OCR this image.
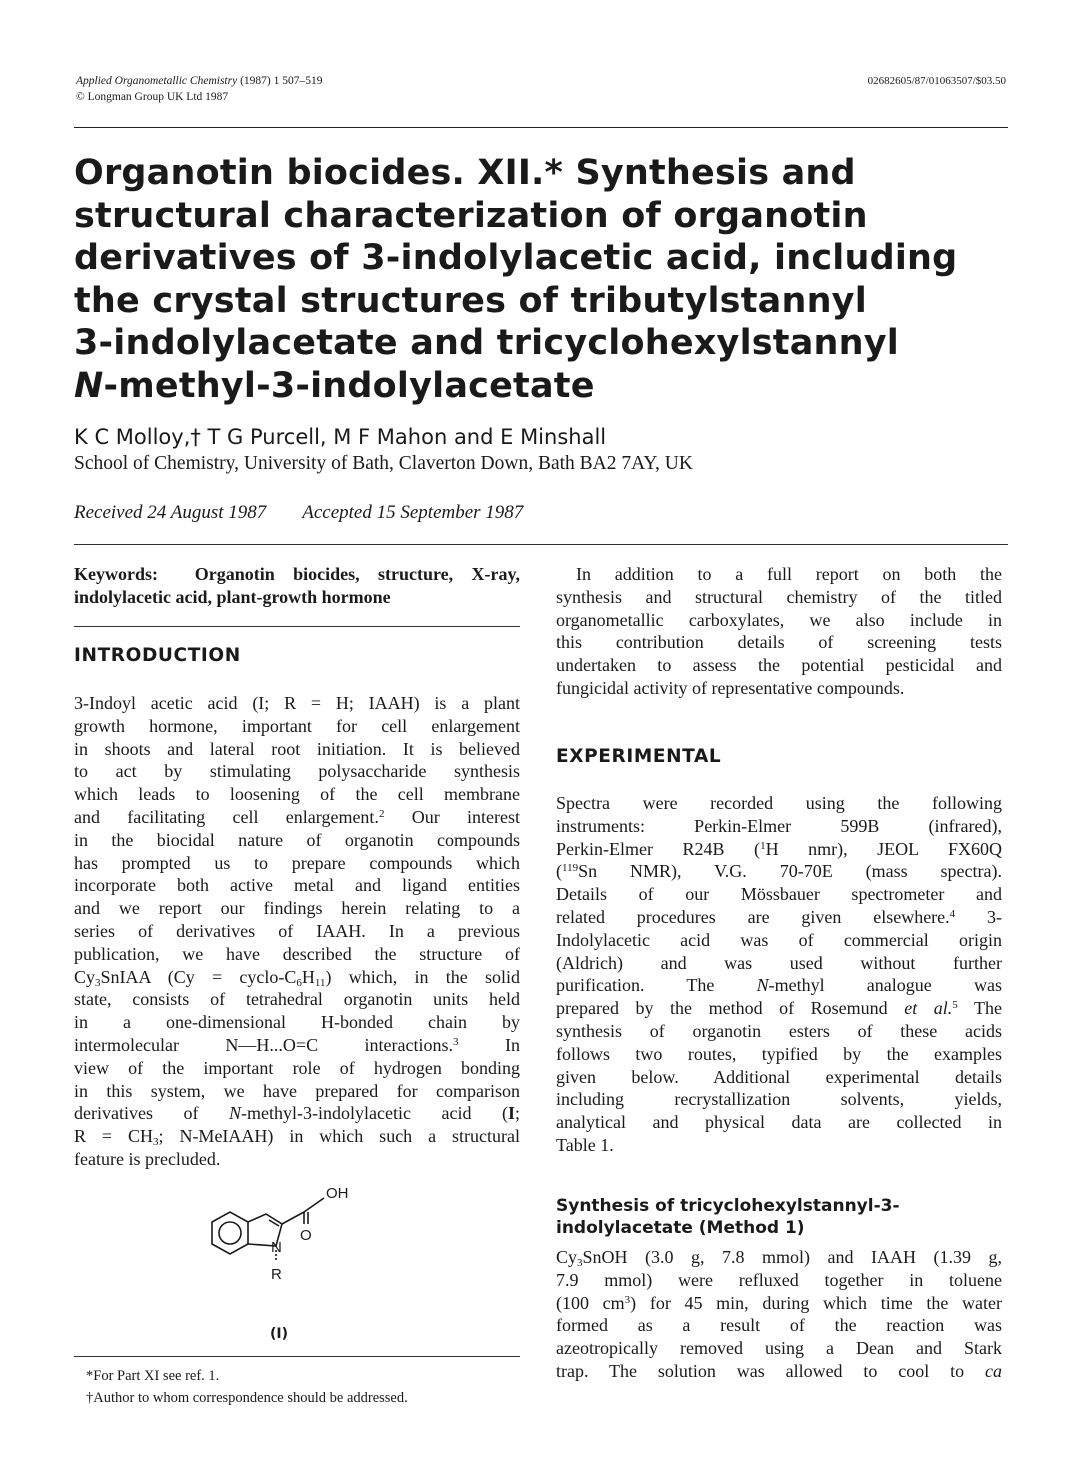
Applied Organometallic Chemistry (1987) 1 507–519
© Longman Group UK Ltd 1987
02682605/87/01063507/$03.50
Organotin biocides. XII.* Synthesis and
structural characterization of organotin
derivatives of 3-indolylacetic acid, including
the crystal structures of tributylstannyl
3-indolylacetate and tricyclohexylstannyl
N-methyl-3-indolylacetate
K C Molloy,† T G Purcell, M F Mahon and E Minshall
School of Chemistry, University of Bath, Claverton Down, Bath BA2 7AY, UK
Received 24 August 1987 Accepted 15 September 1987
Keywords: Organotin biocides, structure, X-ray,
indolylacetic acid, plant-growth hormone
INTRODUCTION
3-Indoyl acetic acid (I; R = H; IAAH) is a plant
growth hormone, important for cell enlargement
in shoots and lateral root initiation. It is believed
to act by stimulating polysaccharide synthesis
which leads to loosening of the cell membrane
and facilitating cell enlargement.$^2$ Our interest
in the biocidal nature of organotin compounds
has prompted us to prepare compounds which
incorporate both active metal and ligand entities
and we report our findings herein relating to a
series of derivatives of IAAH. In a previous
publication, we have described the structure of
$Cy_3SnIAA$ (Cy = cyclo-$C_6H_{11}$) which, in the solid
state, consists of tetrahedral organotin units held
in a one-dimensional H-bonded chain by
intermolecular N—H...O=C interactions.$^3$ In
view of the important role of hydrogen bonding
in this system, we have prepared for comparison
derivatives of N-methyl-3-indolylacetic acid (I;
$R = CH_3$; N-MeIAAH) in which such a structural
feature is precluded.
OH
O
N
R
(I)
*For Part XI see ref. 1.
†Author to whom correspondence should be addressed.
In addition to a full report on both the
synthesis and structural chemistry of the titled
organometallic carboxylates, we also include in
this contribution details of screening tests
undertaken to assess the potential pesticidal and
fungicidal activity of representative compounds.
EXPERIMENTAL
Spectra were recorded using the following
instruments: Perkin-Elmer 599B (infrared),
Perkin-Elmer R24B ($^1$H nmr), JEOL FX60Q
($^{119}$Sn NMR), V.G. 70-70E (mass spectra).
Details of our Mössbauer spectrometer and
related procedures are given elsewhere.$^4$ 3-
Indolylacetic acid was of commercial origin
(Aldrich) and was used without further
purification. The N-methyl analogue was
prepared by the method of Rosemund et al.$^5$ The
synthesis of organotin esters of these acids
follows two routes, typified by the examples
given below. Additional experimental details
including recrystallization solvents, yields,
analytical and physical data are collected in
Table 1.
Synthesis of tricyclohexylstannyl-3-
indolylacetate (Method 1)
$Cy_3SnOH$ (3.0 g, 7.8 mmol) and IAAH (1.39 g,
7.9 mmol) were refluxed together in toluene
(100 $cm^3$) for 45 min, during which time the water
formed as a result of the reaction was
azeotropically removed using a Dean and Stark
trap. The solution was allowed to cool to ca
